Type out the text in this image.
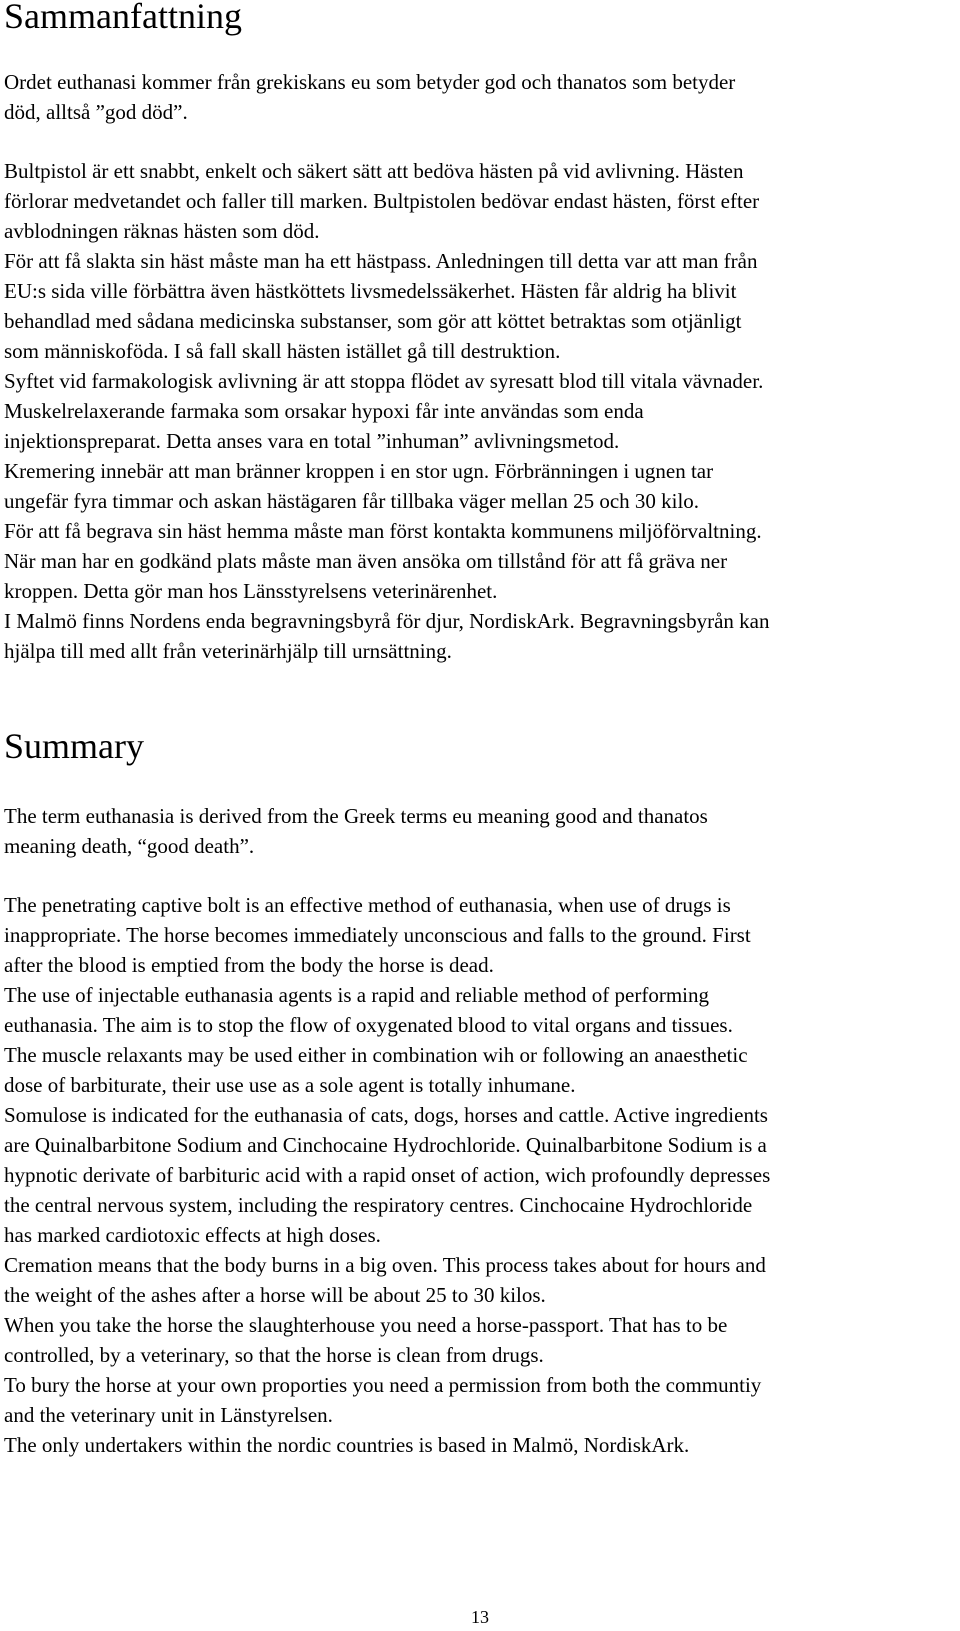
Sammanfattning

Ordet euthanasi kommer från grekiskans eu som betyder god och thanatos som betyder
död, alltså ”god död”.

Bultpistol är ett snabbt, enkelt och säkert sätt att bedöva hästen på vid avlivning. Hästen
förlorar medvetandet och faller till marken. Bultpistolen bedövar endast hästen, först efter
avblodningen räknas hästen som död.
För att få slakta sin häst måste man ha ett hästpass. Anledningen till detta var att man från
EU:s sida ville förbättra även hästköttets livsmedelssäkerhet. Hästen får aldrig ha blivit
behandlad med sådana medicinska substanser, som gör att köttet betraktas som otjänligt
som människoföda. I så fall skall hästen istället gå till destruktion.
Syftet vid farmakologisk avlivning är att stoppa flödet av syresatt blod till vitala vävnader.
Muskelrelaxerande farmaka som orsakar hypoxi får inte användas som enda
injektionspreparat. Detta anses vara en total ”inhuman” avlivningsmetod.
Kremering innebär att man bränner kroppen i en stor ugn. Förbränningen i ugnen tar
ungefär fyra timmar och askan hästägaren får tillbaka väger mellan 25 och 30 kilo.
För att få begrava sin häst hemma måste man först kontakta kommunens miljöförvaltning.
När man har en godkänd plats måste man även ansöka om tillstånd för att få gräva ner
kroppen. Detta gör man hos Länsstyrelsens veterinärenhet.
I Malmö finns Nordens enda begravningsbyrå för djur, NordiskArk. Begravningsbyrån kan
hjälpa till med allt från veterinärhjälp till urnsättning.

Summary

The term euthanasia is derived from the Greek terms eu meaning good and thanatos
meaning death, “good death”.

The penetrating captive bolt is an effective method of euthanasia, when use of drugs is
inappropriate. The horse becomes immediately unconscious and falls to the ground. First
after the blood is emptied from the body the horse is dead.
The use of injectable euthanasia agents is a rapid and reliable method of performing
euthanasia. The aim is to stop the flow of oxygenated blood to vital organs and tissues.
The muscle relaxants may be used either in combination wih or following an anaesthetic
dose of barbiturate, their use use as a sole agent is totally inhumane.
Somulose is indicated for the euthanasia of cats, dogs, horses and cattle. Active ingredients
are Quinalbarbitone Sodium and Cinchocaine Hydrochloride. Quinalbarbitone Sodium is a
hypnotic derivate of barbituric acid with a rapid onset of action, wich profoundly depresses
the central nervous system, including the respiratory centres. Cinchocaine Hydrochloride
has marked cardiotoxic effects at high doses.
Cremation means that the body burns in a big oven. This process takes about for hours and
the weight of the ashes after a horse will be about 25 to 30 kilos.
When you take the horse the slaughterhouse you need a horse-passport. That has to be
controlled, by a veterinary, so that the horse is clean from drugs.
To bury the horse at your own proporties you need a permission from both the communtiy
and the veterinary unit in Länstyrelsen.
The only undertakers within the nordic countries is based in Malmö, NordiskArk.

13
